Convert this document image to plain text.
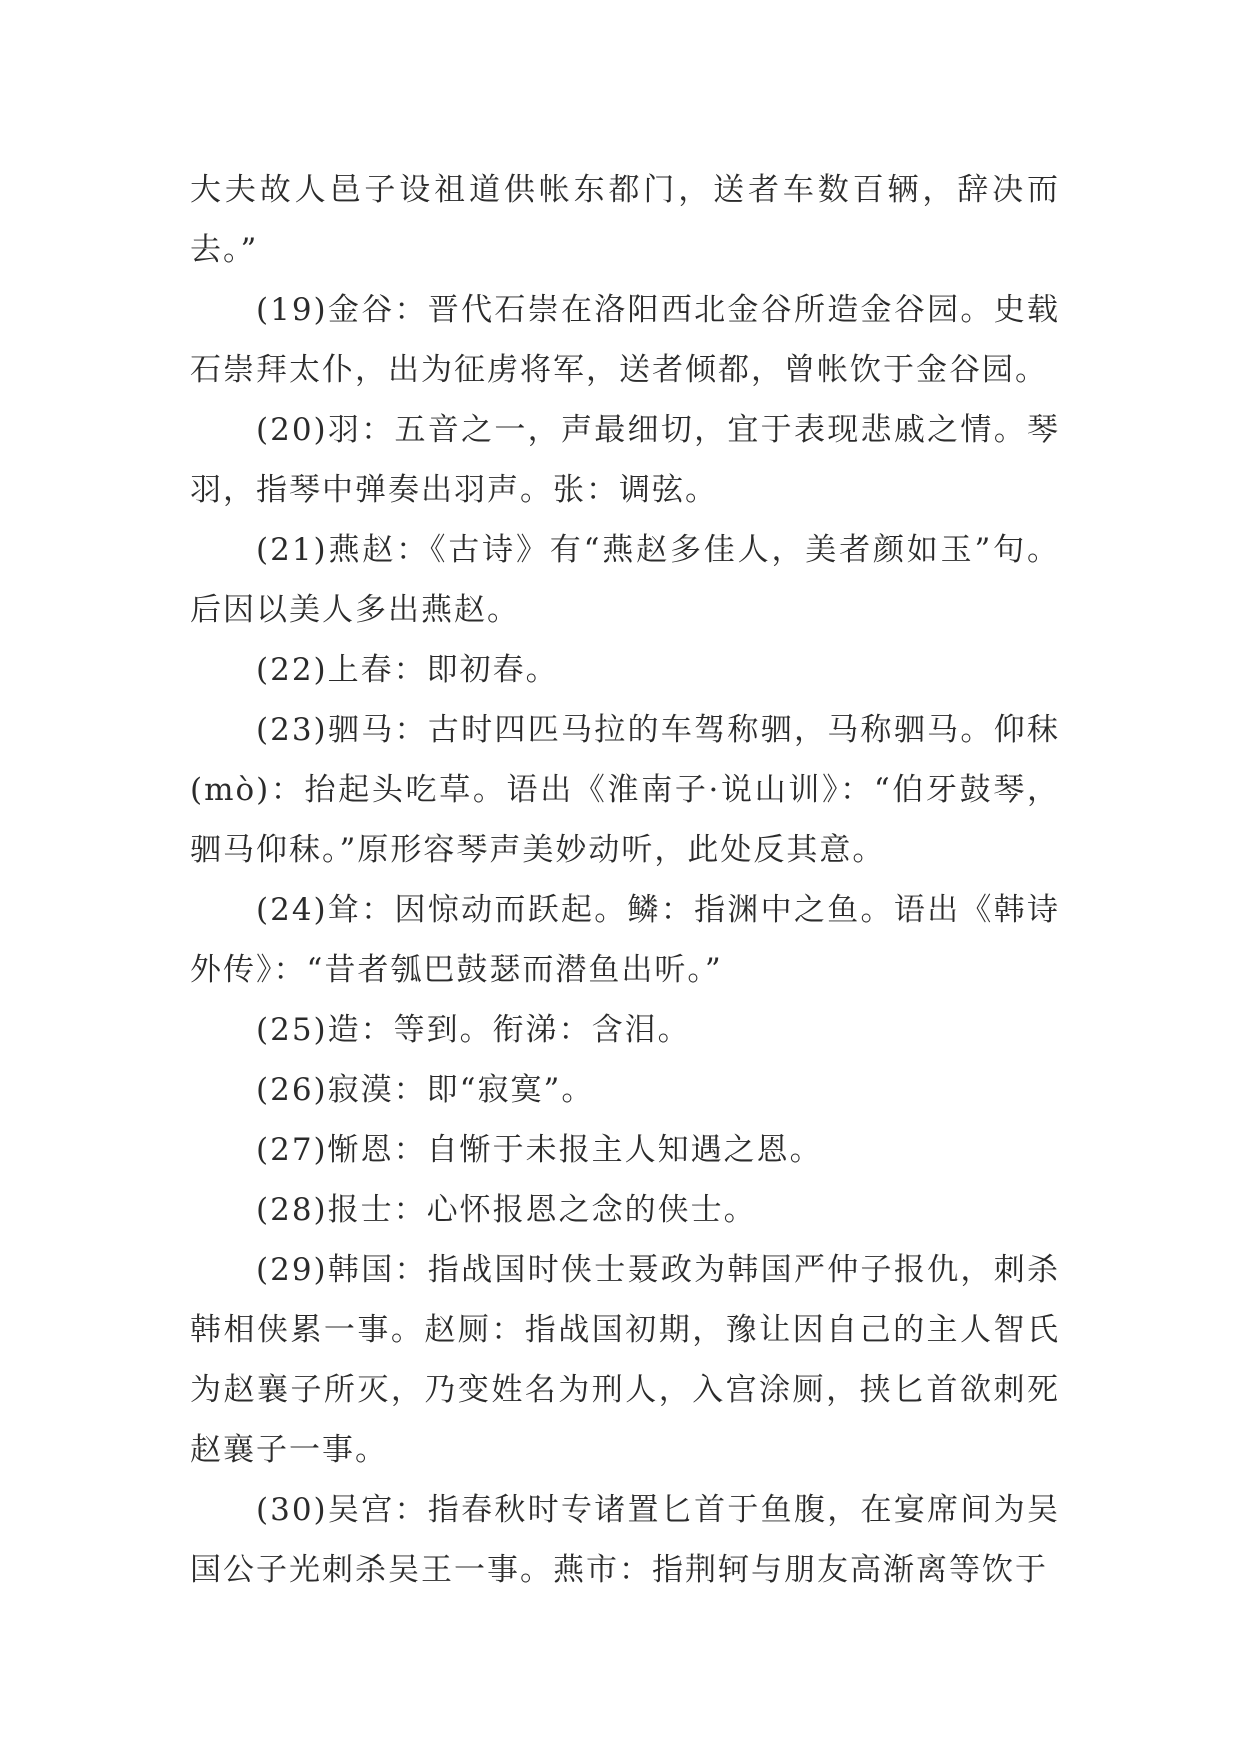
大夫故人邑子设祖道供帐东都门，送者车数百辆，辞决而去。”

(19)金谷：晋代石崇在洛阳西北金谷所造金谷园。史载石崇拜太仆，出为征虏将军，送者倾都，曾帐饮于金谷园。

(20)羽：五音之一，声最细切，宜于表现悲戚之情。琴羽，指琴中弹奏出羽声。张：调弦。

(21)燕赵：《古诗》有“燕赵多佳人，美者颜如玉”句。后因以美人多出燕赵。

(22)上春：即初春。

(23)驷马：古时四匹马拉的车驾称驷，马称驷马。仰秣(mò)：抬起头吃草。语出《淮南子·说山训》：“伯牙鼓琴，驷马仰秣。”原形容琴声美妙动听，此处反其意。

(24)耸：因惊动而跃起。鳞：指渊中之鱼。语出《韩诗外传》：“昔者瓠巴鼓瑟而潜鱼出听。”

(25)造：等到。衔涕：含泪。

(26)寂漠：即“寂寞”。

(27)惭恩：自惭于未报主人知遇之恩。

(28)报士：心怀报恩之念的侠士。

(29)韩国：指战国时侠士聂政为韩国严仲子报仇，刺杀韩相侠累一事。赵厕：指战国初期，豫让因自己的主人智氏为赵襄子所灭，乃变姓名为刑人，入宫涂厕，挟匕首欲刺死赵襄子一事。

(30)吴宫：指春秋时专诸置匕首于鱼腹，在宴席间为吴国公子光刺杀吴王一事。燕市：指荆轲与朋友高渐离等饮于
